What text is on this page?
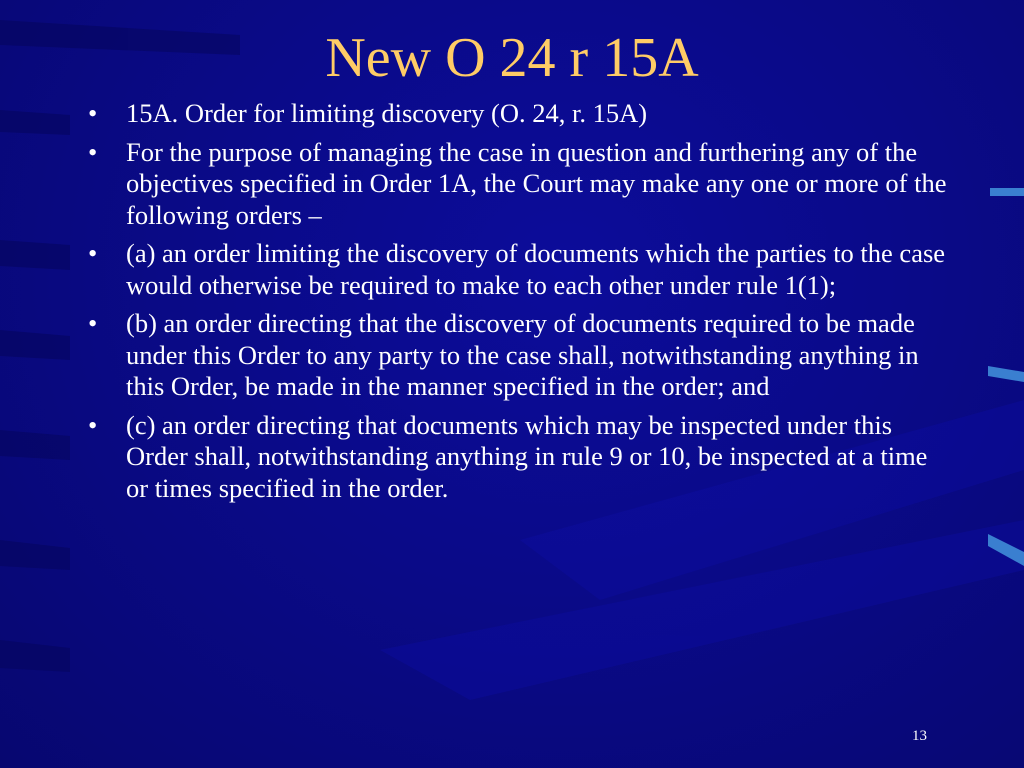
New O 24 r 15A
•	15A. Order for limiting discovery (O. 24, r. 15A)
•	For the purpose of managing the case in question and furthering any of the objectives specified in Order 1A, the Court may make any one or more of the following orders –
•	(a) an order limiting the discovery of documents which the parties to the case would otherwise be required to make to each other under rule 1(1);
•	(b) an order directing that the discovery of documents required to be made under this Order to any party to the case shall, notwithstanding anything in this Order, be made in the manner specified in the order; and
•	(c) an order directing that documents which may be inspected under this Order shall, notwithstanding anything in rule 9 or 10, be inspected at a time or times specified in the order.
13
